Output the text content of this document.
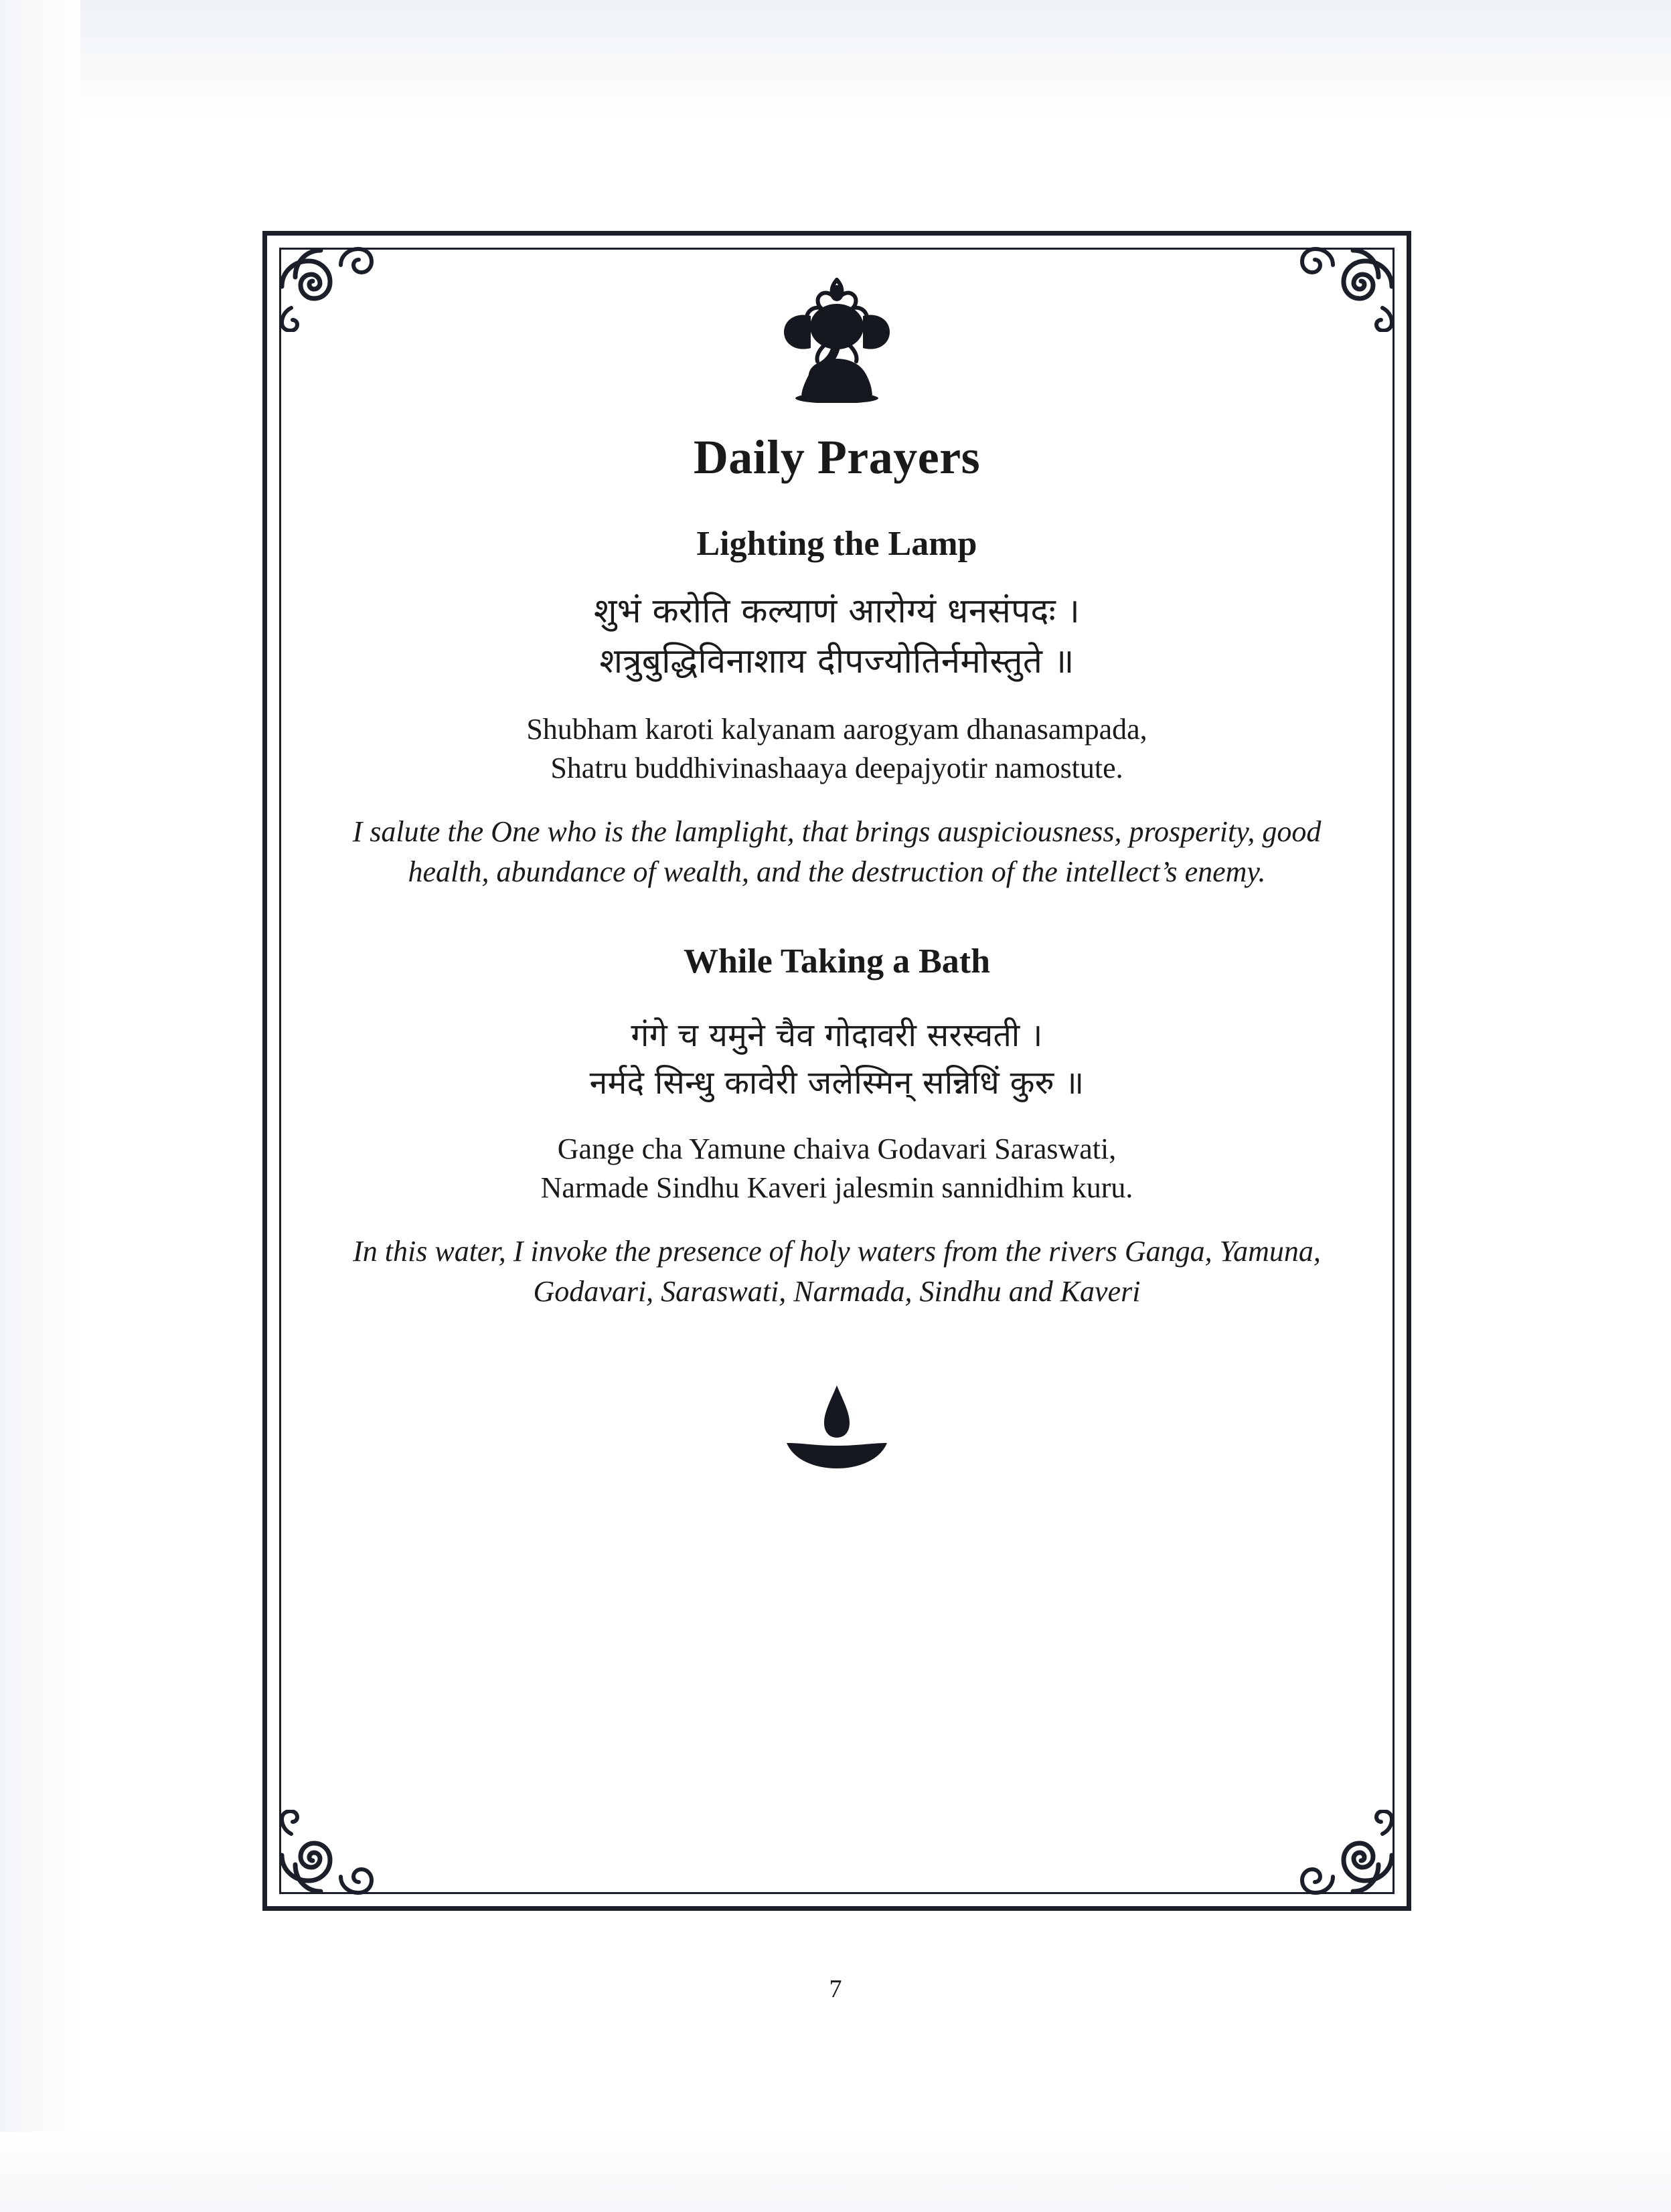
Daily Prayers
Lighting the Lamp
शुभं करोति कल्याणं आरोग्यं धनसंपदः ।
शत्रुबुद्धिविनाशाय दीपज्योतिर्नमोस्तुते ॥
Shubham karoti kalyanam aarogyam dhanasampada,
Shatru buddhivinashaaya deepajyotir namostute.

I salute the One who is the lamplight, that brings auspiciousness, prosperity, good health, abundance of wealth, and the destruction of the intellect’s enemy.

While Taking a Bath
गंगे च यमुने चैव गोदावरी सरस्वती ।
नर्मदे सिन्धु कावेरी जलेस्मिन् सन्निधिं कुरु ॥
Gange cha Yamune chaiva Godavari Saraswati,
Narmade Sindhu Kaveri jalesmin sannidhim kuru.

In this water, I invoke the presence of holy waters from the rivers Ganga, Yamuna, Godavari, Saraswati, Narmada, Sindhu and Kaveri

7
